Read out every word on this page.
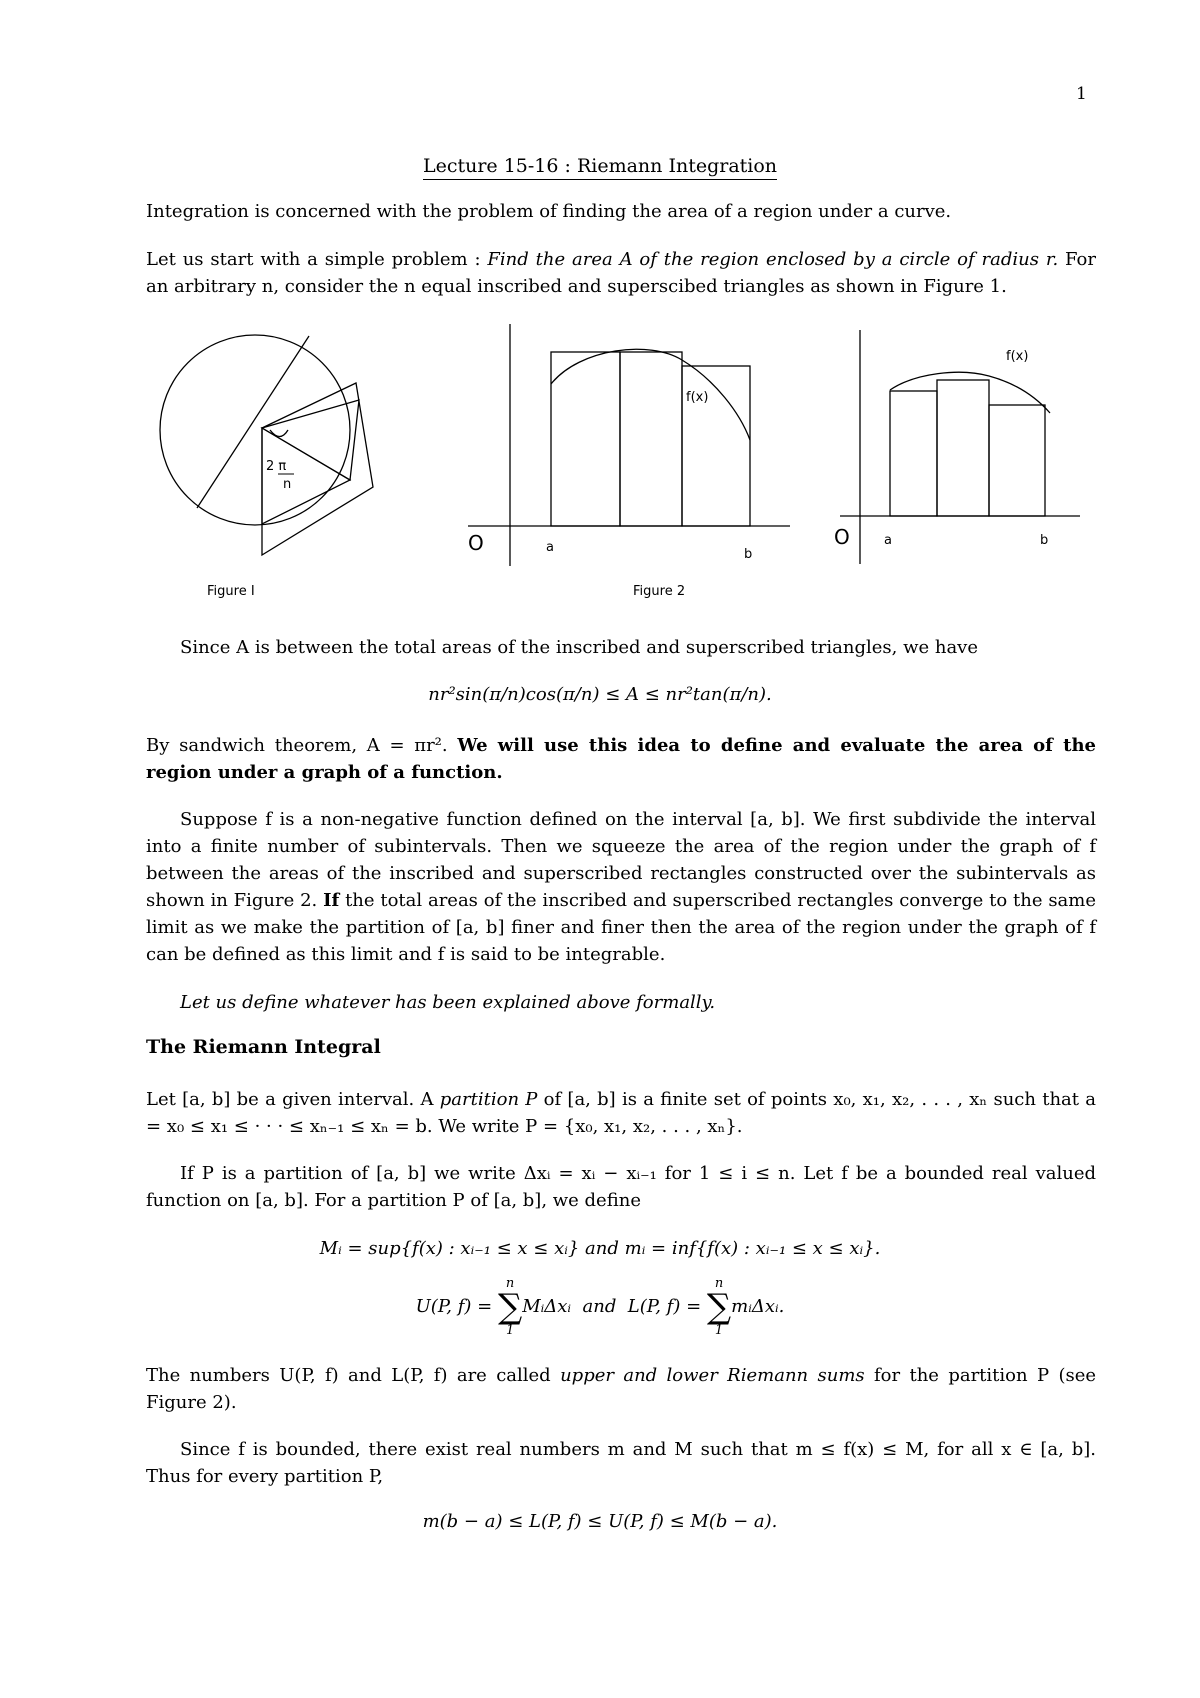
1
Lecture 15-16 : Riemann Integration
Integration is concerned with the problem of finding the area of a region under a curve.
Let us start with a simple problem : Find the area A of the region enclosed by a circle of radius r. For an arbitrary n, consider the n equal inscribed and superscibed triangles as shown in Figure 1.
2 π
n
Figure I
f(x)
O	a	b
Figure 2
f(x)
O	a	b
Since A is between the total areas of the inscribed and superscribed triangles, we have
nr²sin(π/n)cos(π/n) ≤ A ≤ nr²tan(π/n).
By sandwich theorem, A = πr². We will use this idea to define and evaluate the area of the region under a graph of a function.
Suppose f is a non-negative function defined on the interval [a, b]. We first subdivide the interval into a finite number of subintervals. Then we squeeze the area of the region under the graph of f between the areas of the inscribed and superscribed rectangles constructed over the subintervals as shown in Figure 2. If the total areas of the inscribed and superscribed rectangles converge to the same limit as we make the partition of [a, b] finer and finer then the area of the region under the graph of f can be defined as this limit and f is said to be integrable.
Let us define whatever has been explained above formally.
The Riemann Integral
Let [a, b] be a given interval. A partition P of [a, b] is a finite set of points x₀, x₁, x₂, . . . , xₙ such that a = x₀ ≤ x₁ ≤ · · · ≤ xₙ₋₁ ≤ xₙ = b. We write P = {x₀, x₁, x₂, . . . , xₙ}.
If P is a partition of [a, b] we write Δxᵢ = xᵢ − xᵢ₋₁ for 1 ≤ i ≤ n. Let f be a bounded real valued function on [a, b]. For a partition P of [a, b], we define
Mᵢ = sup{f(x) : xᵢ₋₁ ≤ x ≤ xᵢ} and mᵢ = inf{f(x) : xᵢ₋₁ ≤ x ≤ xᵢ}.
U(P, f) =
n
∑
1
MᵢΔxᵢ  and  L(P, f) =
n
∑
1
mᵢΔxᵢ.
The numbers U(P, f) and L(P, f) are called upper and lower Riemann sums for the partition P (see Figure 2).
Since f is bounded, there exist real numbers m and M such that m ≤ f(x) ≤ M, for all x ∈ [a, b]. Thus for every partition P,
m(b − a) ≤ L(P, f) ≤ U(P, f) ≤ M(b − a).
